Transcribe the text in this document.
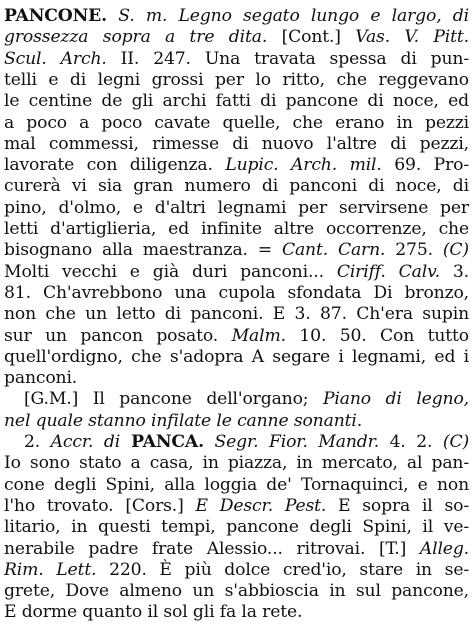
PANCONE. S. m. Legno segato lungo e largo, di
grossezza sopra a tre dita. [Cont.] Vas. V. Pitt.
Scul. Arch. II. 247. Una travata spessa di pun-
telli e di legni grossi per lo ritto, che reggevano
le centine de gli archi fatti di pancone di noce, ed
a poco a poco cavate quelle, che erano in pezzi
mal commessi, rimesse di nuovo l'altre di pezzi,
lavorate con diligenza. Lupic. Arch. mil. 69. Pro-
curerà vi sia gran numero di panconi di noce, di
pino, d'olmo, e d'altri legnami per servirsene per
letti d'artiglieria, ed infinite altre occorrenze, che
bisognano alla maestranza. = Cant. Carn. 275. (C)
Molti vecchi e già duri panconi... Ciriff. Calv. 3.
81. Ch'avrebbono una cupola sfondata Di bronzo,
non che un letto di panconi. E 3. 87. Ch'era supin
sur un pancon posato. Malm. 10. 50. Con tutto
quell'ordigno, che s'adopra A segare i legnami, ed i
panconi.
[G.M.] Il pancone dell'organo; Piano di legno,
nel quale stanno infilate le canne sonanti.
2. Accr. di PANCA. Segr. Fior. Mandr. 4. 2. (C)
Io sono stato a casa, in piazza, in mercato, al pan-
cone degli Spini, alla loggia de' Tornaquinci, e non
l'ho trovato. [Cors.] E Descr. Pest. E sopra il so-
litario, in questi tempi, pancone degli Spini, il ve-
nerabile padre frate Alessio... ritrovai. [T.] Alleg.
Rim. Lett. 220. È più dolce cred'io, stare in se-
grete, Dove almeno un s'abbioscia in sul pancone,
E dorme quanto il sol gli fa la rete.
